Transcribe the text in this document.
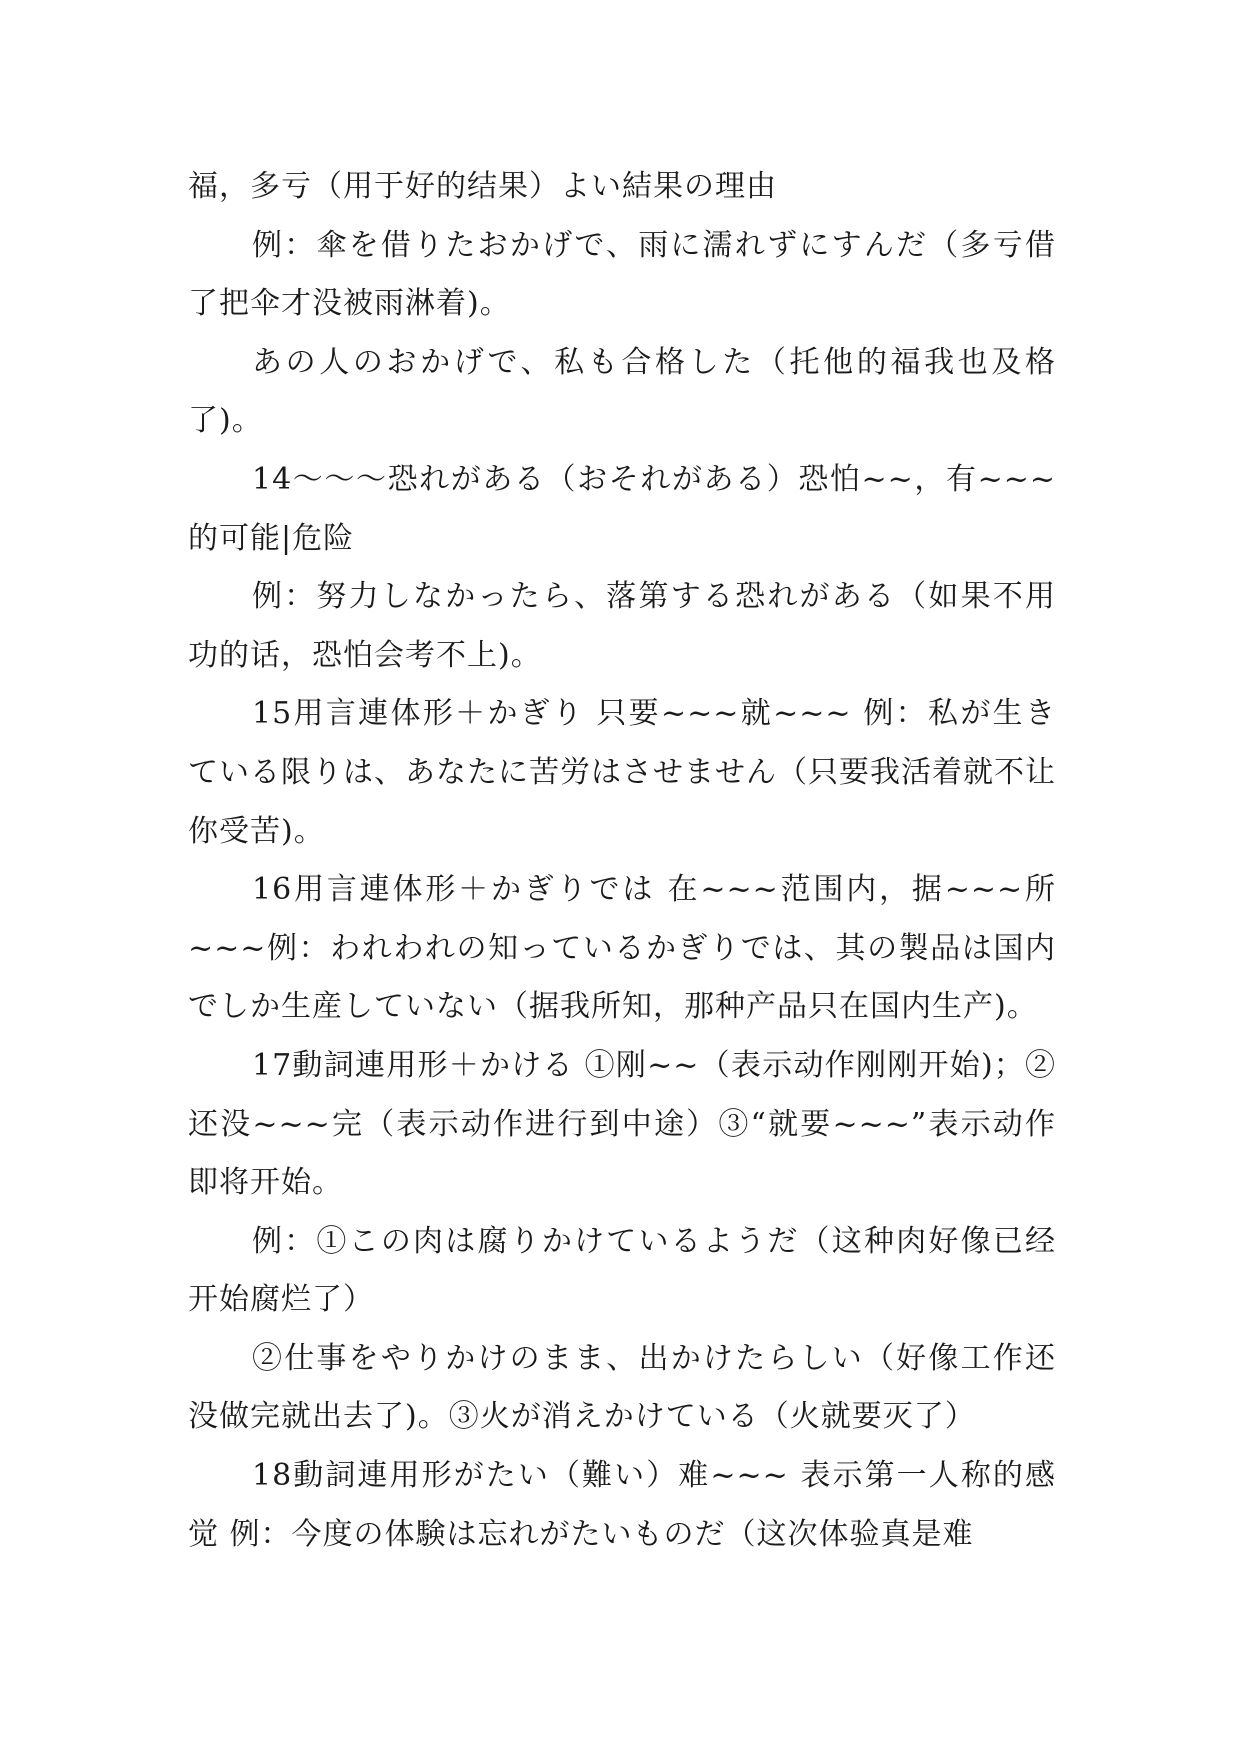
福，多亏（用于好的结果）よい結果の理由

例：傘を借りたおかげで、雨に濡れずにすんだ（多亏借了把伞才没被雨淋着)。

あの人のおかげで、私も合格した（托他的福我也及格了)。

14～～～恐れがある（おそれがある）恐怕~~，有~~~的可能|危险

例：努力しなかったら、落第する恐れがある（如果不用功的话，恐怕会考不上)。

15用言連体形＋かぎり 只要~~~就~~~ 例：私が生きている限りは、あなたに苦労はさせません（只要我活着就不让你受苦)。

16用言連体形＋かぎりでは 在~~~范围内，据~~~所~~~例：われわれの知っているかぎりでは、其の製品は国内でしか生産していない（据我所知，那种产品只在国内生产)。

17動詞連用形＋かける ①刚~~（表示动作刚刚开始)；②还没~~~完（表示动作进行到中途）③“就要~~~”表示动作即将开始。

例：①この肉は腐りかけているようだ（这种肉好像已经开始腐烂了）

②仕事をやりかけのまま、出かけたらしい（好像工作还没做完就出去了)。③火が消えかけている（火就要灭了）

18動詞連用形がたい（難い）难~~~ 表示第一人称的感觉 例：今度の体験は忘れがたいものだ（这次体验真是难
